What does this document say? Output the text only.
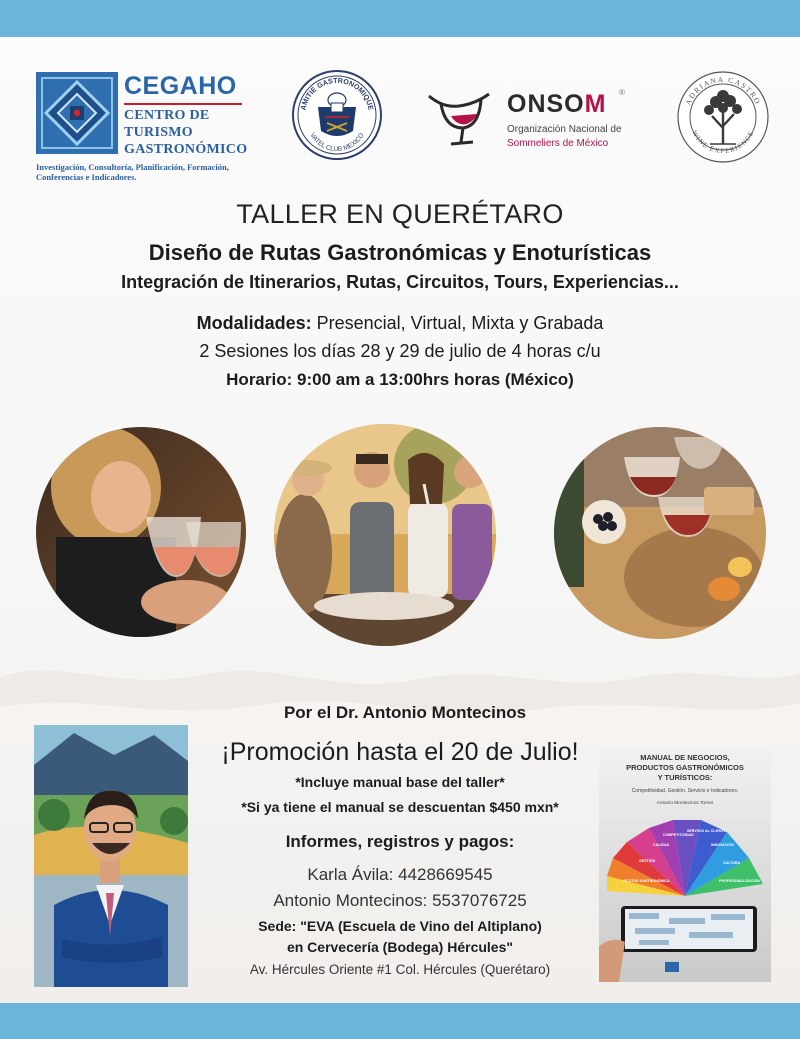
CEGAHO
CENTRO DE
TURISMO
GASTRONÓMICO
Investigación, Consultoría, Planificación, Formación, Conferencias e Indicadores.
AMITIE GASTRONOMIQUE
VATEL CLUB MEXICO
ONSOM ®
Organización Nacional de
Sommeliers de México
ADRIANA CASTRO
WINE EXPERIENCE
TALLER EN QUERÉTARO
Diseño de Rutas Gastronómicas y Enoturísticas
Integración de Itinerarios, Rutas, Circuitos, Tours, Experiencias...
Modalidades: Presencial, Virtual, Mixta y Grabada
2 Sesiones los días 28 y 29 de julio de 4 horas c/u
Horario: 9:00 am a 13:00hrs horas (México)
Por el Dr. Antonio Montecinos
¡Promoción hasta el 20 de Julio!
*Incluye manual base del taller*
*Si ya tiene el manual se descuentan $450 mxn*
Informes, registros y pagos:
Karla Ávila: 4428669545
Antonio Montecinos: 5537076725
Sede: "EVA (Escuela de Vino del Altiplano)
en Cervecería (Bodega) Hércules"
Av. Hércules Oriente #1 Col. Hércules (Querétaro)
MANUAL DE NEGOCIOS,
PRODUCTOS GASTRONÓMICOS
Y TURÍSTICOS:
Competitividad, Gestión, Servicio e Indicadores.
Antonio Montecinos Torres
ACTITUD GASTRONÓMICA
GESTIÓN
CALIDAD
COMPETITIVIDAD
SERVICIO AL CLIENTE
INNOVACIÓN
CULTURA
PROFESIONALIZACIÓN
